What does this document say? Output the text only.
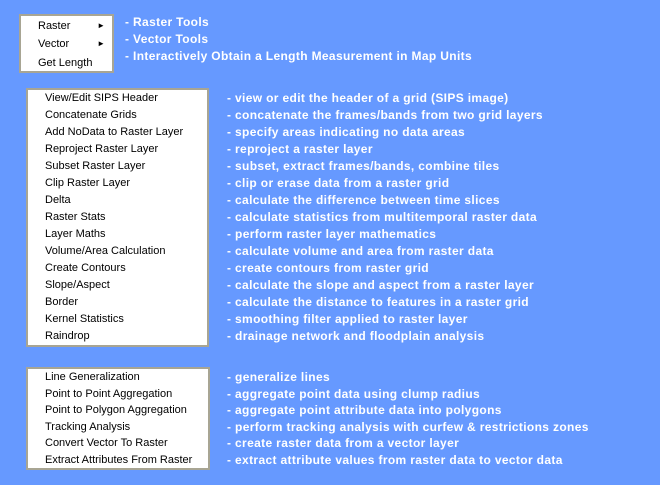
Raster	►
Vector	►
Get Length
- Raster Tools
- Vector Tools
- Interactively Obtain a Length Measurement in Map Units
View/Edit SIPS Header
Concatenate Grids
Add NoData to Raster Layer
Reproject Raster Layer
Subset Raster Layer
Clip Raster Layer
Delta
Raster Stats
Layer Maths
Volume/Area Calculation
Create Contours
Slope/Aspect
Border
Kernel Statistics
Raindrop
- view or edit the header of a grid (SIPS image)
- concatenate the frames/bands from two grid layers
- specify areas indicating no data areas
- reproject a raster layer
- subset, extract frames/bands, combine tiles
- clip or erase data from a raster grid
- calculate the difference between time slices
- calculate statistics from multitemporal raster data
- perform raster layer mathematics
- calculate volume and area from raster data
- create contours from raster grid
- calculate the slope and aspect from a raster layer
- calculate the distance to features in a raster grid
- smoothing filter applied to raster layer
- drainage network and floodplain analysis
Line Generalization
Point to Point Aggregation
Point to Polygon Aggregation
Tracking Analysis
Convert Vector To Raster
Extract Attributes From Raster
- generalize lines
- aggregate point data using clump radius
- aggregate point attribute data into polygons
- perform tracking analysis with curfew & restrictions zones
- create raster data from a vector layer
- extract attribute values from raster data to vector data
